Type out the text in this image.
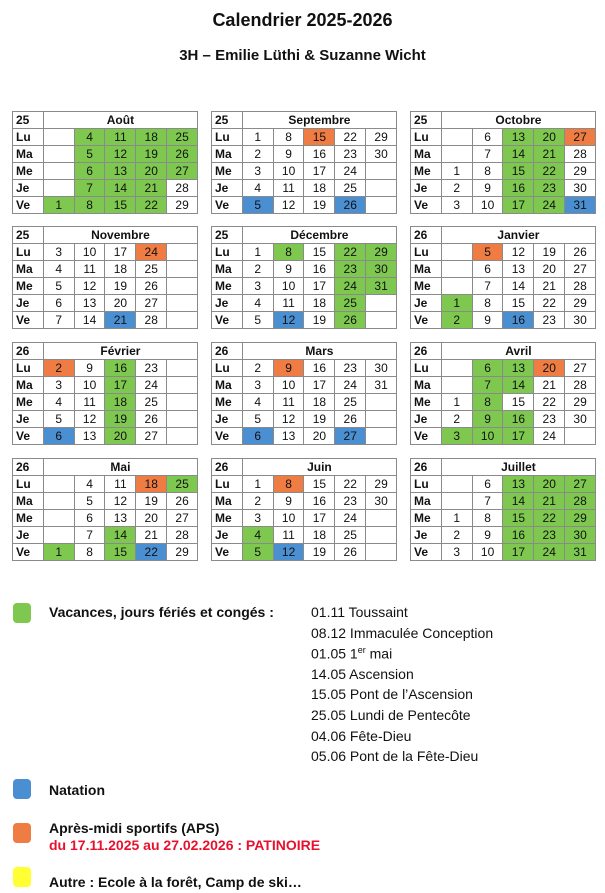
Calendrier 2025-2026
3H – Emilie Lüthi & Suzanne Wicht
25	Août				
Lu		4	11	18	25
Ma		5	12	19	26
Me		6	13	20	27
Je		7	14	21	28
Ve	1	8	15	22	29
25	Septembre				
Lu	1	8	15	22	29
Ma	2	9	16	23	30
Me	3	10	17	24	
Je	4	11	18	25	
Ve	5	12	19	26	
25	Octobre				
Lu		6	13	20	27
Ma		7	14	21	28
Me	1	8	15	22	29
Je	2	9	16	23	30
Ve	3	10	17	24	31
25	Novembre				
Lu	3	10	17	24	
Ma	4	11	18	25	
Me	5	12	19	26	
Je	6	13	20	27	
Ve	7	14	21	28	
25	Décembre				
Lu	1	8	15	22	29
Ma	2	9	16	23	30
Me	3	10	17	24	31
Je	4	11	18	25	
Ve	5	12	19	26	
26	Janvier				
Lu		5	12	19	26
Ma		6	13	20	27
Me		7	14	21	28
Je	1	8	15	22	29
Ve	2	9	16	23	30
26	Février				
Lu	2	9	16	23	
Ma	3	10	17	24	
Me	4	11	18	25	
Je	5	12	19	26	
Ve	6	13	20	27	
26	Mars				
Lu	2	9	16	23	30
Ma	3	10	17	24	31
Me	4	11	18	25	
Je	5	12	19	26	
Ve	6	13	20	27	
26	Avril				
Lu		6	13	20	27
Ma		7	14	21	28
Me	1	8	15	22	29
Je	2	9	16	23	30
Ve	3	10	17	24	
26	Mai				
Lu		4	11	18	25
Ma		5	12	19	26
Me		6	13	20	27
Je		7	14	21	28
Ve	1	8	15	22	29
26	Juin				
Lu	1	8	15	22	29
Ma	2	9	16	23	30
Me	3	10	17	24	
Je	4	11	18	25	
Ve	5	12	19	26	
26	Juillet				
Lu		6	13	20	27
Ma		7	14	21	28
Me	1	8	15	22	29
Je	2	9	16	23	30
Ve	3	10	17	24	31
Vacances, jours fériés et congés :	01.11 Toussaint
08.12 Immaculée Conception
01.05 1er mai
14.05 Ascension
15.05 Pont de l’Ascension
25.05 Lundi de Pentecôte
04.06 Fête-Dieu
05.06 Pont de la Fête-Dieu
Natation
Après-midi sportifs (APS)
du 17.11.2025 au 27.02.2026 : PATINOIRE
Autre : Ecole à la forêt, Camp de ski…
